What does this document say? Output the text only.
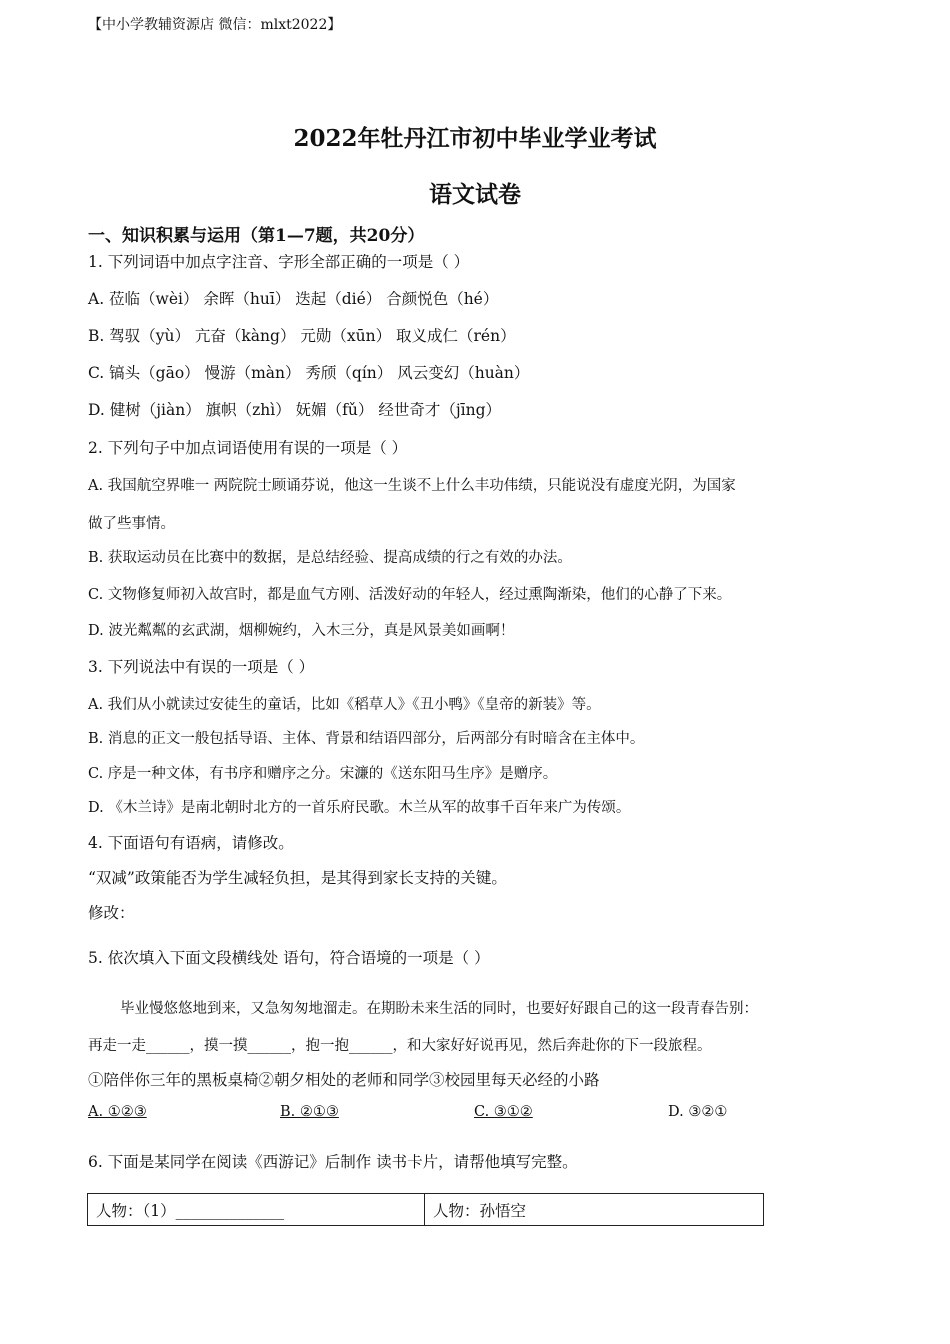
【中小学教辅资源店 微信：mlxt2022】
2022年牡丹江市初中毕业学业考试
语文试卷
一、知识积累与运用（第1—7题，共20分）
1. 下列词语中加点字注音、字形全部正确的一项是（ ）
A. 莅临（wèi） 余晖（huī） 迭起（dié） 合颜悦色（hé）
B. 驾驭（yù） 亢奋（kàng） 元勋（xūn） 取义成仁（rén）
C. 镐头（gāo） 慢游（màn） 秀颀（qín） 风云变幻（huàn）
D. 健树（jiàn） 旗帜（zhì） 妩媚（fǔ） 经世奇才（jīng）
2. 下列句子中加点词语使用有误的一项是（ ）
A. 我国航空界唯一 两院院士顾诵芬说，他这一生谈不上什么丰功伟绩，只能说没有虚度光阴，为国家
做了些事情。
B. 获取运动员在比赛中的数据，是总结经验、提高成绩的行之有效的办法。
C. 文物修复师初入故宫时，都是血气方刚、活泼好动的年轻人，经过熏陶渐染，他们的心静了下来。
D. 波光粼粼的玄武湖，烟柳婉约，入木三分，真是风景美如画啊！
3. 下列说法中有误的一项是（ ）
A. 我们从小就读过安徒生的童话，比如《稻草人》《丑小鸭》《皇帝的新装》等。
B. 消息的正文一般包括导语、主体、背景和结语四部分，后两部分有时暗含在主体中。
C. 序是一种文体，有书序和赠序之分。宋濂的《送东阳马生序》是赠序。
D. 《木兰诗》是南北朝时北方的一首乐府民歌。木兰从军的故事千百年来广为传颂。
4. 下面语句有语病，请修改。
“双减”政策能否为学生减轻负担，是其得到家长支持的关键。
修改：
5. 依次填入下面文段横线处 语句，符合语境的一项是（ ）
毕业慢悠悠地到来，又急匆匆地溜走。在期盼未来生活的同时，也要好好跟自己的这一段青春告别：
再走一走______，摸一摸______，抱一抱______，和大家好好说再见，然后奔赴你的下一段旅程。
①陪伴你三年的黑板桌椅②朝夕相处的老师和同学③校园里每天必经的小路
A. ①②③	B. ②①③	C. ③①②	D. ③②①
6. 下面是某同学在阅读《西游记》后制作 读书卡片，请帮他填写完整。
人物：（1）______________	人物：孙悟空
